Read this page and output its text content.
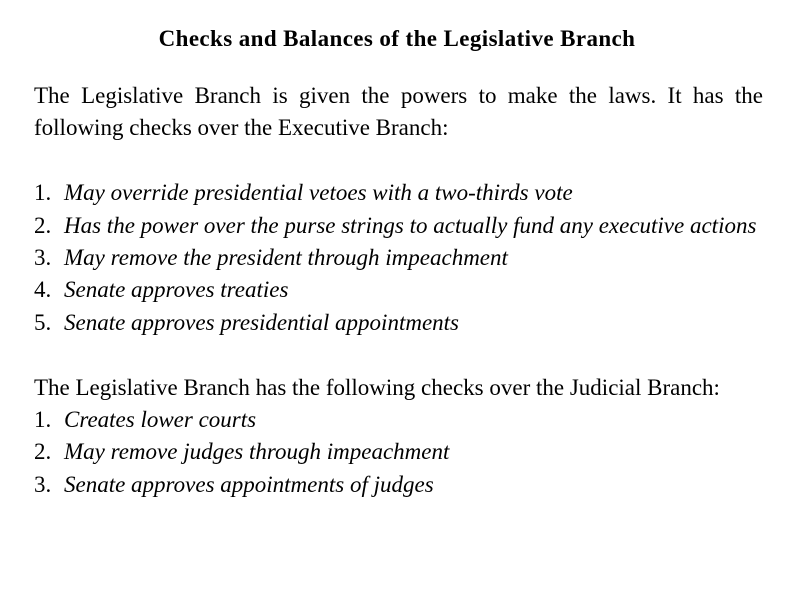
Checks and Balances of the Legislative Branch

The Legislative Branch is given the powers to make the laws. It has the following checks over the Executive Branch:

1. May override presidential vetoes with a two-thirds vote
2. Has the power over the purse strings to actually fund any executive actions
3. May remove the president through impeachment
4. Senate approves treaties
5. Senate approves presidential appointments

The Legislative Branch has the following checks over the Judicial Branch:

1. Creates lower courts
2. May remove judges through impeachment
3. Senate approves appointments of judges
